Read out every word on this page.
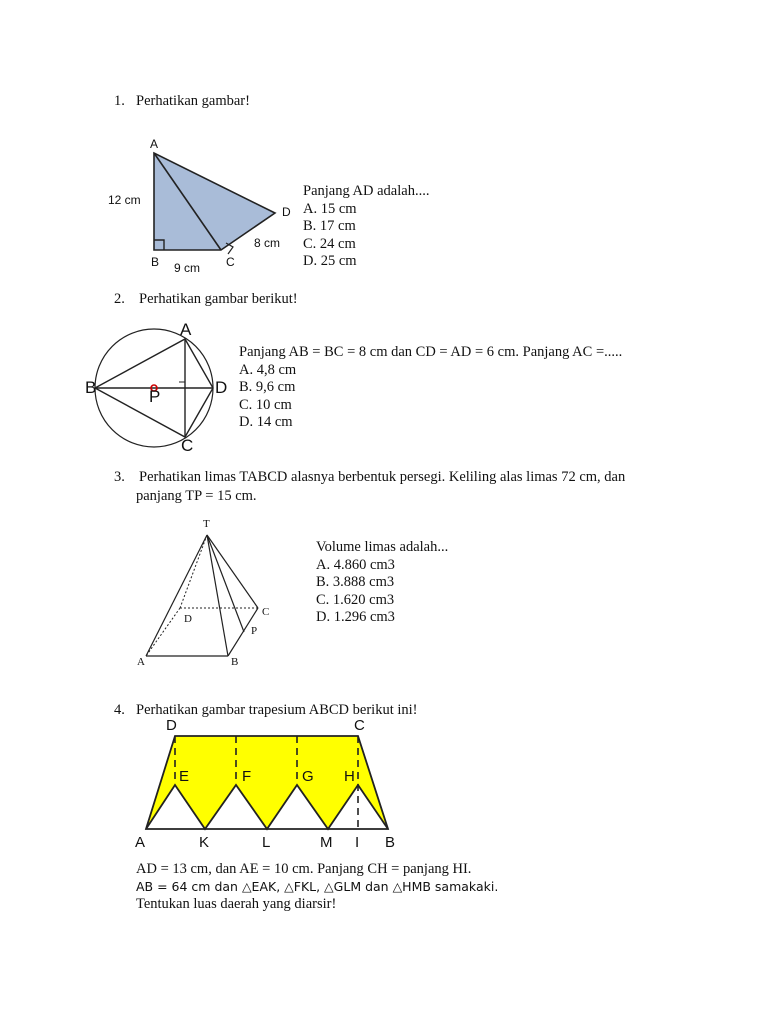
1. Perhatikan gambar!
A
B	C
D
12 cm
9 cm
8 cm
Panjang AD adalah....
A. 15 cm
B. 17 cm
C. 24 cm
D. 25 cm
2. Perhatikan gambar berikut!
A
B
C
D
P
Panjang AB = BC = 8 cm dan CD = AD = 6 cm. Panjang AC =.....
A. 4,8 cm
B. 9,6 cm
C. 10 cm
D. 14 cm
3. Perhatikan limas TABCD alasnya berbentuk persegi. Keliling alas limas 72 cm, dan
panjang TP = 15 cm.
T
A	B
C
D
P
Volume limas adalah...
A. 4.860 cm3
B. 3.888 cm3
C. 1.620 cm3
D. 1.296 cm3
4. Perhatikan gambar trapesium ABCD berikut ini!
D	C
E	F	G H
A	K	L	M I B
AD = 13 cm, dan AE = 10 cm. Panjang CH = panjang HI.
AB = 64 cm dan △EAK, △FKL, △GLM dan △HMB samakaki.
Tentukan luas daerah yang diarsir!
